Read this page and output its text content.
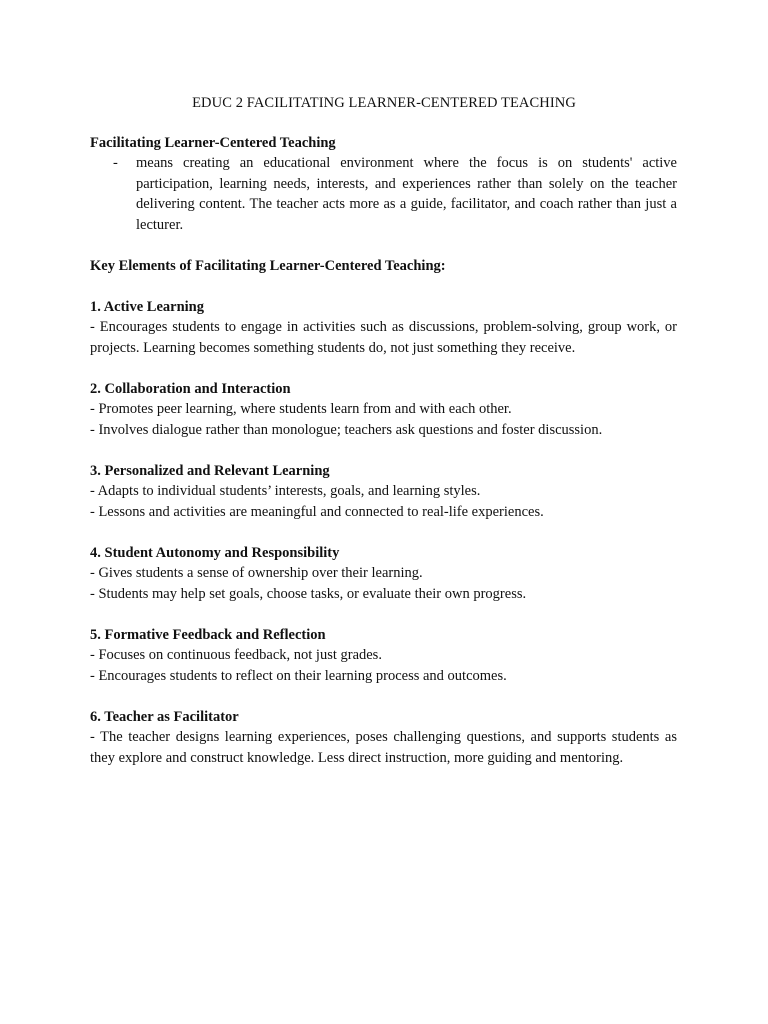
EDUC 2 FACILITATING LEARNER-CENTERED TEACHING
Facilitating Learner-Centered Teaching
- means creating an educational environment where the focus is on students' active participation, learning needs, interests, and experiences rather than solely on the teacher delivering content. The teacher acts more as a guide, facilitator, and coach rather than just a lecturer.
Key Elements of Facilitating Learner-Centered Teaching:
1. Active Learning
- Encourages students to engage in activities such as discussions, problem-solving, group work, or projects. Learning becomes something students do, not just something they receive.
2. Collaboration and Interaction
- Promotes peer learning, where students learn from and with each other.
- Involves dialogue rather than monologue; teachers ask questions and foster discussion.
3. Personalized and Relevant Learning
- Adapts to individual students’ interests, goals, and learning styles.
- Lessons and activities are meaningful and connected to real-life experiences.
4. Student Autonomy and Responsibility
- Gives students a sense of ownership over their learning.
- Students may help set goals, choose tasks, or evaluate their own progress.
5. Formative Feedback and Reflection
- Focuses on continuous feedback, not just grades.
- Encourages students to reflect on their learning process and outcomes.
6. Teacher as Facilitator
- The teacher designs learning experiences, poses challenging questions, and supports students as they explore and construct knowledge. Less direct instruction, more guiding and mentoring.
